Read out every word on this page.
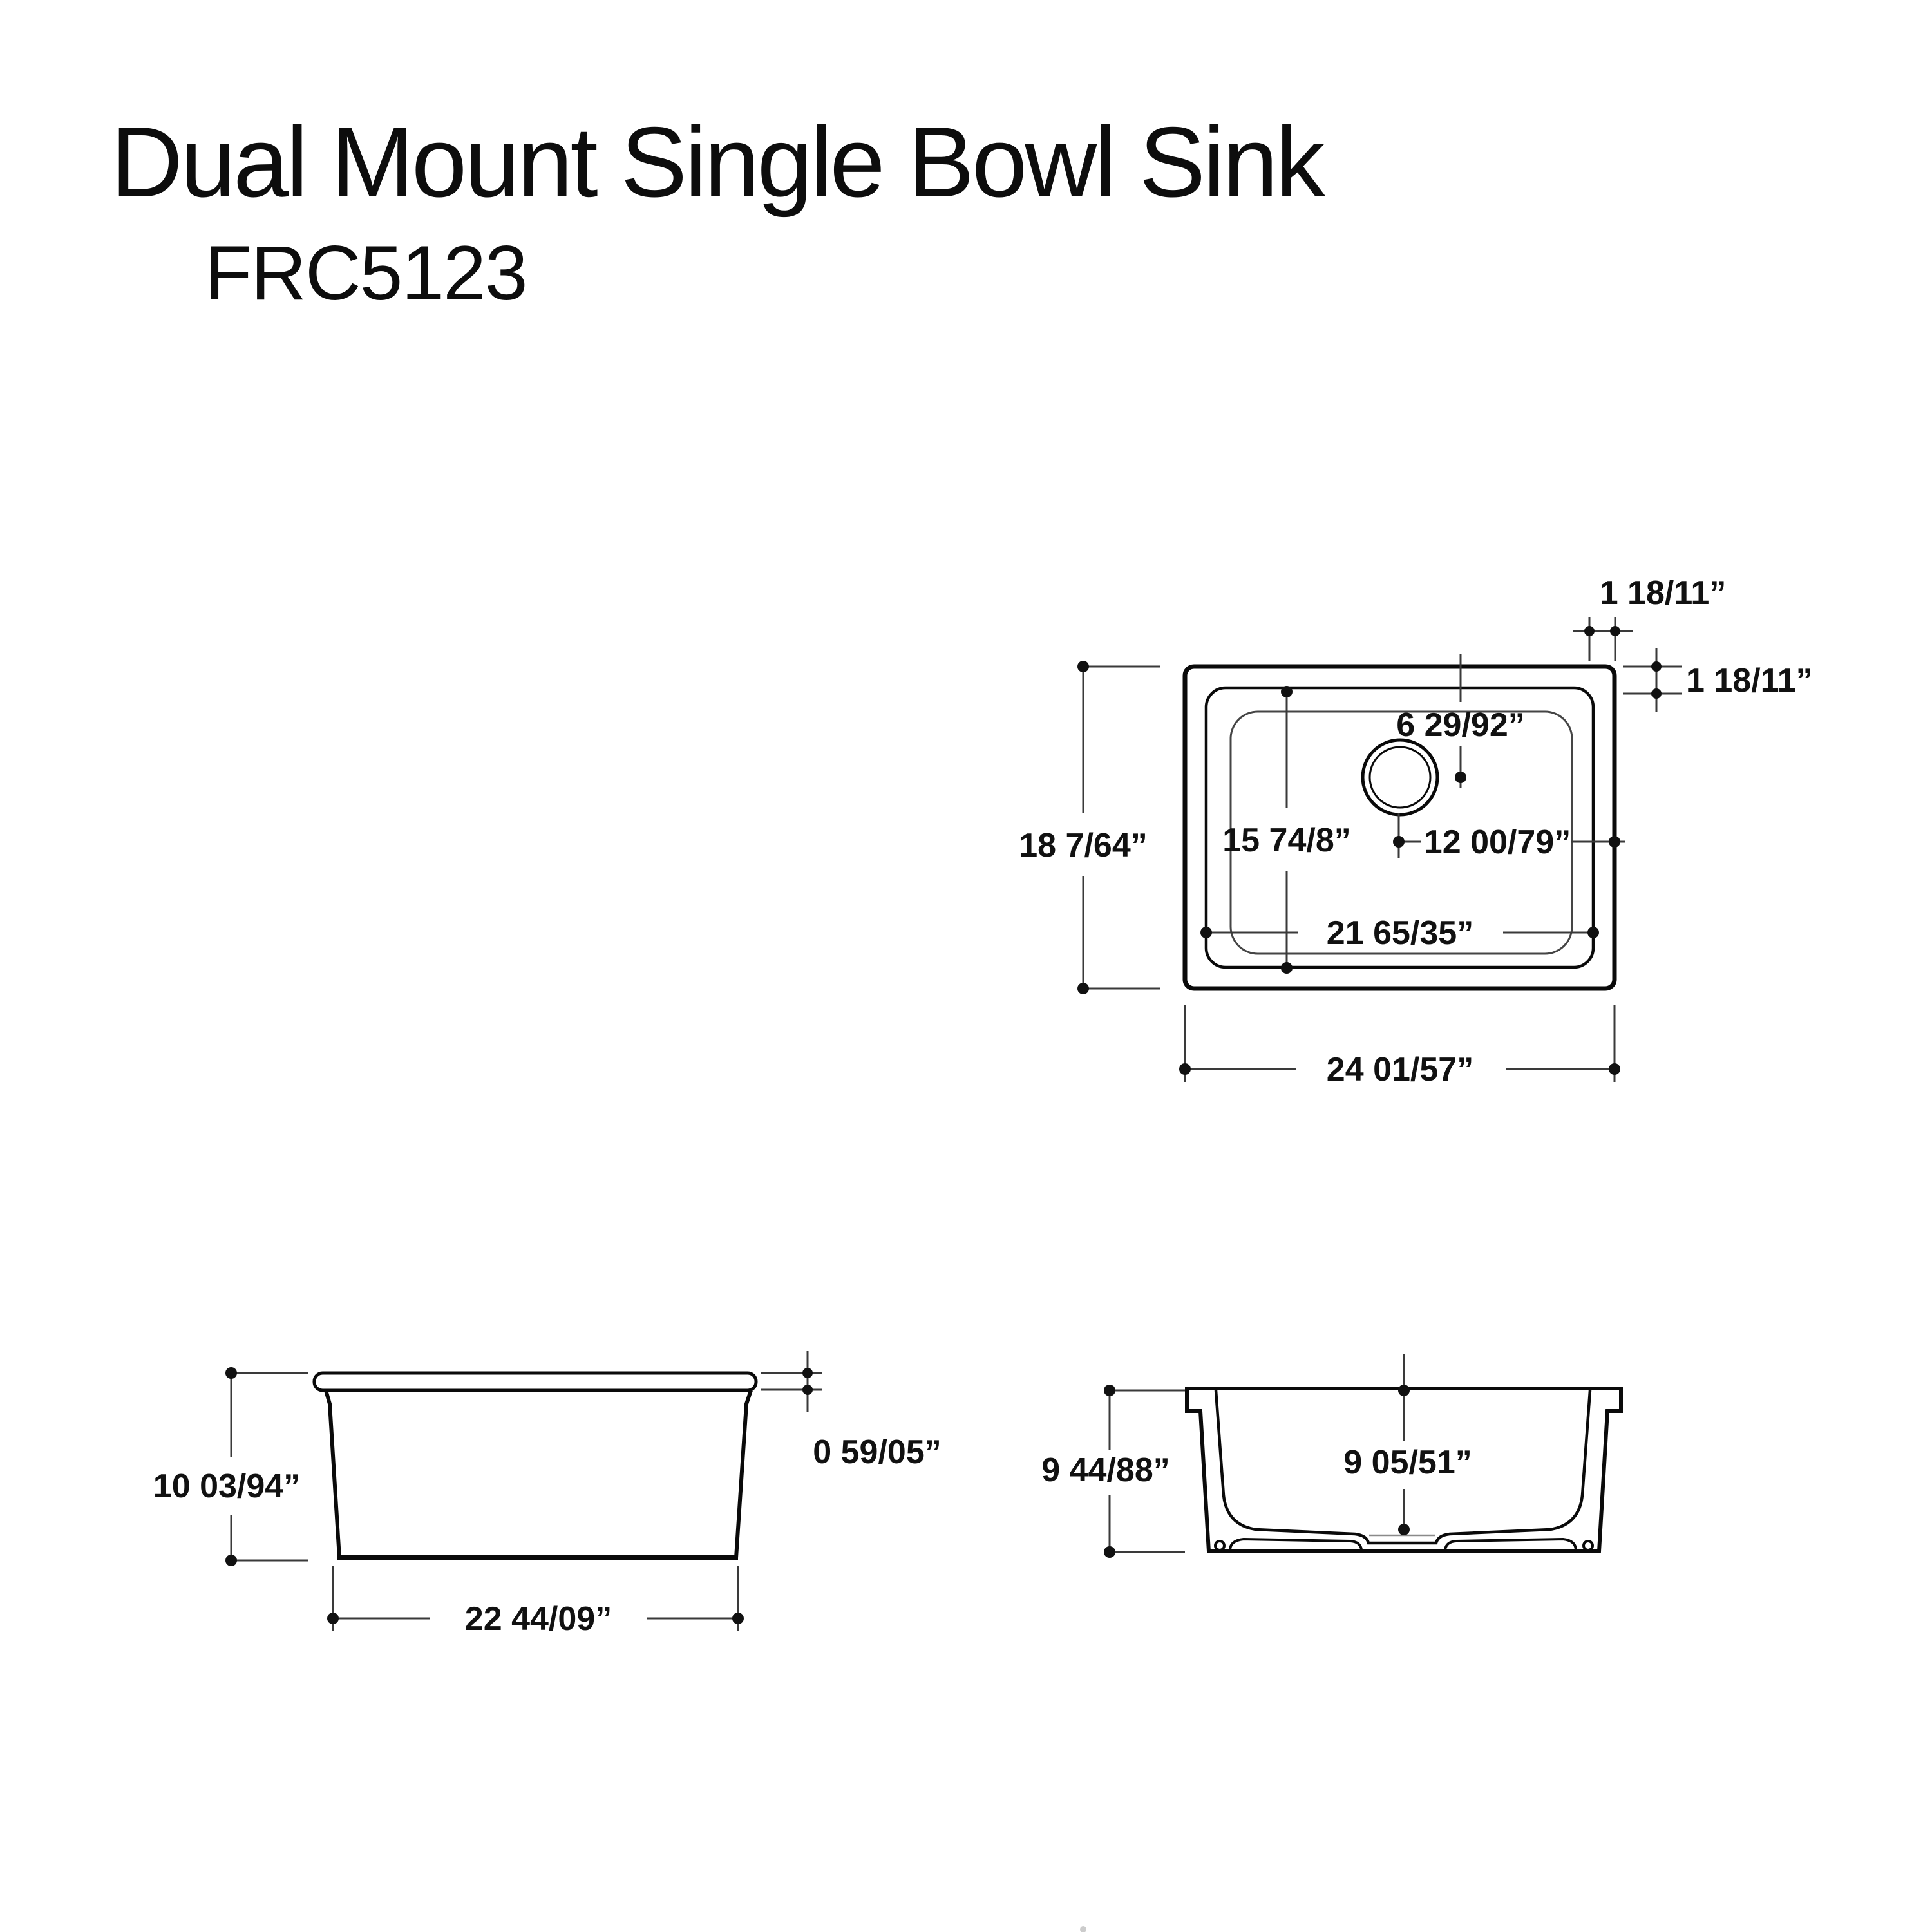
Dual Mount Single Bowl Sink
FRC5123
18 7/64”
24 01/57”
21 65/35”
15 74/8”
6 29/92”
12 00/79”
1 18/11”
1 18/11”
10 03/94”
0 59/05”
22 44/09”
9 44/88”	9 05/51”
